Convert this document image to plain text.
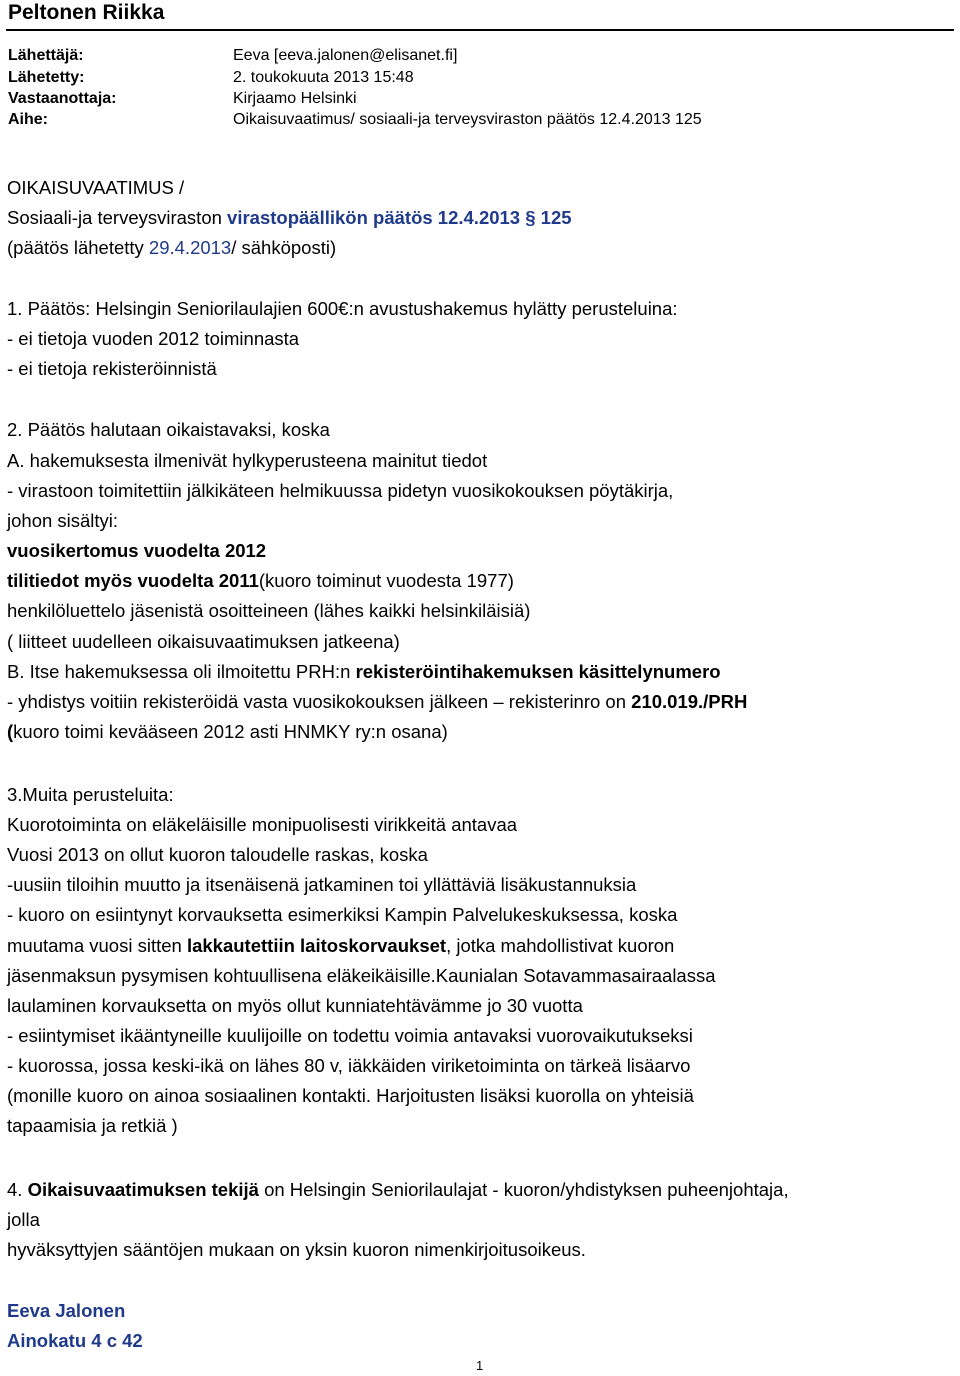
Peltonen Riikka
Lähettäjä:	Eeva [eeva.jalonen@elisanet.fi]
Lähetetty:	2. toukokuuta 2013 15:48
Vastaanottaja:	Kirjaamo Helsinki
Aihe:	Oikaisuvaatimus/ sosiaali-ja terveysviraston päätös 12.4.2013 125
OIKAISUVAATIMUS /
Sosiaali-ja terveysviraston virastopäällikön päätös 12.4.2013 § 125
(päätös lähetetty 29.4.2013/ sähköposti)
1. Päätös: Helsingin Seniorilaulajien 600€:n avustushakemus hylätty perusteluina:
- ei tietoja vuoden 2012 toiminnasta
- ei tietoja rekisteröinnistä
2. Päätös halutaan oikaistavaksi, koska
A. hakemuksesta ilmenivät hylkyperusteena mainitut tiedot
- virastoon toimitettiin jälkikäteen helmikuussa pidetyn vuosikokouksen pöytäkirja,
johon sisältyi:
vuosikertomus vuodelta 2012
tilitiedot myös vuodelta 2011(kuoro toiminut vuodesta 1977)
henkilöluettelo jäsenistä osoitteineen (lähes kaikki helsinkiläisiä)
( liitteet uudelleen oikaisuvaatimuksen jatkeena)
B. Itse hakemuksessa oli ilmoitettu PRH:n rekisteröintihakemuksen käsittelynumero
- yhdistys voitiin rekisteröidä vasta vuosikokouksen jälkeen – rekisterinro on 210.019./PRH
(kuoro toimi kevääseen 2012 asti HNMKY ry:n osana)
3.Muita perusteluita:
Kuorotoiminta on eläkeläisille monipuolisesti virikkeitä antavaa
Vuosi 2013 on ollut kuoron taloudelle raskas, koska
-uusiin tiloihin muutto ja itsenäisenä jatkaminen toi yllättäviä lisäkustannuksia
- kuoro on esiintynyt korvauksetta esimerkiksi Kampin Palvelukeskuksessa, koska
muutama vuosi sitten lakkautettiin laitoskorvaukset, jotka mahdollistivat kuoron
jäsenmaksun pysymisen kohtuullisena eläkeikäisille.Kaunialan Sotavammasairaalassa
laulaminen korvauksetta on myös ollut kunniatehtävämme jo 30 vuotta
- esiintymiset ikääntyneille kuulijoille on todettu voimia antavaksi vuorovaikutukseksi
- kuorossa, jossa keski-ikä on lähes 80 v, iäkkäiden viriketoiminta on tärkeä lisäarvo
(monille kuoro on ainoa sosiaalinen kontakti. Harjoitusten lisäksi kuorolla on yhteisiä
tapaamisia ja retkiä )
4. Oikaisuvaatimuksen tekijä on Helsingin Seniorilaulajat - kuoron/yhdistyksen puheenjohtaja,
jolla
hyväksyttyjen sääntöjen mukaan on yksin kuoron nimenkirjoitusoikeus.
Eeva Jalonen
Ainokatu 4 c 42
1
